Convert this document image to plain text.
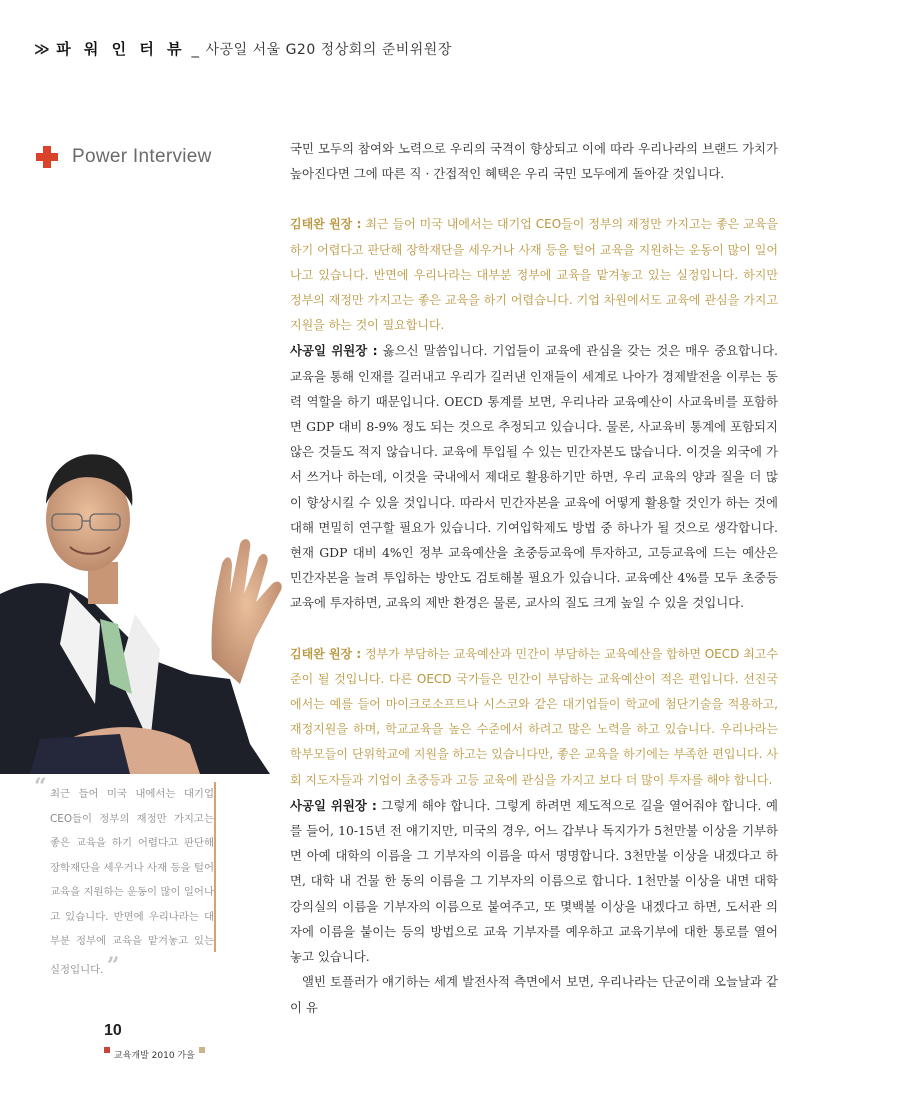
≫ 파 워 인 터 뷰 _ 사공일 서울 G20 정상회의 준비위원장
Power Interview	국민 모두의 참여와 노력으로 우리의 국격이 향상되고 이에 따라 우리나라의 브랜드 가치가 높아진다면 그에 따른 직 · 간접적인 혜택은 우리 국민 모두에게 돌아갈 것입니다.

김태완 원장 : 최근 들어 미국 내에서는 대기업 CEO들이 정부의 재정만 가지고는 좋은 교육을 하기 어렵다고 판단해 장학재단을 세우거나 사재 등을 털어 교육을 지원하는 운동이 많이 일어나고 있습니다. 반면에 우리나라는 대부분 정부에 교육을 맡겨놓고 있는 실정입니다. 하지만 정부의 재정만 가지고는 좋은 교육을 하기 어렵습니다. 기업 차원에서도 교육에 관심을 가지고 지원을 하는 것이 필요합니다.

사공일 위원장 : 옳으신 말씀입니다. 기업들이 교육에 관심을 갖는 것은 매우 중요합니다. 교육을 통해 인재를 길러내고 우리가 길러낸 인재들이 세계로 나아가 경제발전을 이루는 동력 역할을 하기 때문입니다. OECD 통계를 보면, 우리나라 교육예산이 사교육비를 포함하면 GDP 대비 8-9% 정도 되는 것으로 추정되고 있습니다. 물론, 사교육비 통계에 포함되지 않은 것들도 적지 않습니다. 교육에 투입될 수 있는 민간자본도 많습니다. 이것을 외국에 가서 쓰거나 하는데, 이것을 국내에서 제대로 활용하기만 하면, 우리 교육의 양과 질을 더 많이 향상시킬 수 있을 것입니다. 따라서 민간자본을 교육에 어떻게 활용할 것인가 하는 것에 대해 면밀히 연구할 필요가 있습니다. 기여입학제도 방법 중 하나가 될 것으로 생각합니다. 현재 GDP 대비 4%인 정부 교육예산을 초중등교육에 투자하고, 고등교육에 드는 예산은 민간자본을 늘려 투입하는 방안도 검토해볼 필요가 있습니다. 교육예산 4%를 모두 초중등교육에 투자하면, 교육의 제반 환경은 물론, 교사의 질도 크게 높일 수 있을 것입니다.

김태완 원장 : 정부가 부담하는 교육예산과 민간이 부담하는 교육예산을 합하면 OECD 최고수준이 될 것입니다. 다른 OECD 국가들은 민간이 부담하는 교육예산이 적은 편입니다. 선진국에서는 예를 들어 마이크로소프트나 시스코와 같은 대기업들이 학교에 첨단기술을 적용하고, 재정지원을 하며, 학교교육을 높은 수준에서 하려고 많은 노력을 하고 있습니다. 우리나라는 학부모들이 단위학교에 지원을 하고는 있습니다만, 좋은 교육을 하기에는 부족한 편입니다. 사회 지도자들과 기업이 초중등과 고등 교육에 관심을 가지고 보다 더 많이 투자를 해야 합니다.

사공일 위원장 : 그렇게 해야 합니다. 그렇게 하려면 제도적으로 길을 열어줘야 합니다. 예를 들어, 10-15년 전 얘기지만, 미국의 경우, 어느 갑부나 독지가가 5천만불 이상을 기부하면 아예 대학의 이름을 그 기부자의 이름을 따서 명명합니다. 3천만불 이상을 내겠다고 하면, 대학 내 건물 한 동의 이름을 그 기부자의 이름으로 합니다. 1천만불 이상을 내면 대학 강의실의 이름을 기부자의 이름으로 붙여주고, 또 몇백불 이상을 내겠다고 하면, 도서관 의자에 이름을 붙이는 등의 방법으로 교육 기부자를 예우하고 교육기부에 대한 통로를 열어 놓고 있습니다.

앨빈 토플러가 얘기하는 세계 발전사적 측면에서 보면, 우리나라는 단군이래 오늘날과 같이 유

“ 최근 들어 미국 내에서는 대기업 CEO들이 정부의 재정만 가지고는 좋은 교육을 하기 어렵다고 판단해 장학재단을 세우거나 사재 등을 털어 교육을 지원하는 운동이 많이 일어나고 있습니다. 반면에 우리나라는 대부분 정부에 교육을 맡겨놓고 있는 실정입니다. ”
10
교육개발 2010 가을
